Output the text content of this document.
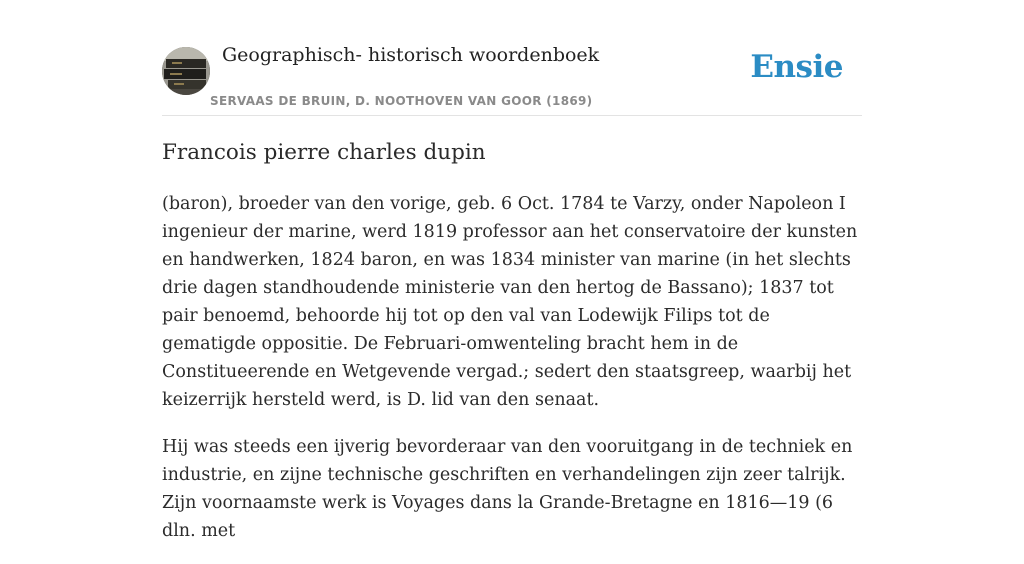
Geographisch- historisch woordenboek
SERVAAS DE BRUIN, D. NOOTHOVEN VAN GOOR (1869)
Ensie
Francois pierre charles dupin

(baron), broeder van den vorige, geb. 6 Oct. 1784 te Varzy, onder Napoleon I ingenieur der marine, werd 1819 professor aan het conservatoire der kunsten en handwerken, 1824 baron, en was 1834 minister van marine (in het slechts drie dagen standhoudende ministerie van den hertog de Bassano); 1837 tot pair benoemd, behoorde hij tot op den val van Lodewijk Filips tot de gematigde oppositie. De Februari-omwenteling bracht hem in de Constitueerende en Wetgevende vergad.; sedert den staatsgreep, waarbij het keizerrijk hersteld werd, is D. lid van den senaat.

Hij was steeds een ijverig bevorderaar van den vooruitgang in de techniek en industrie, en zijne technische geschriften en verhandelingen zijn zeer talrijk. Zijn voornaamste werk is Voyages dans la Grande-Bretagne en 1816—19 (6 dln. met
